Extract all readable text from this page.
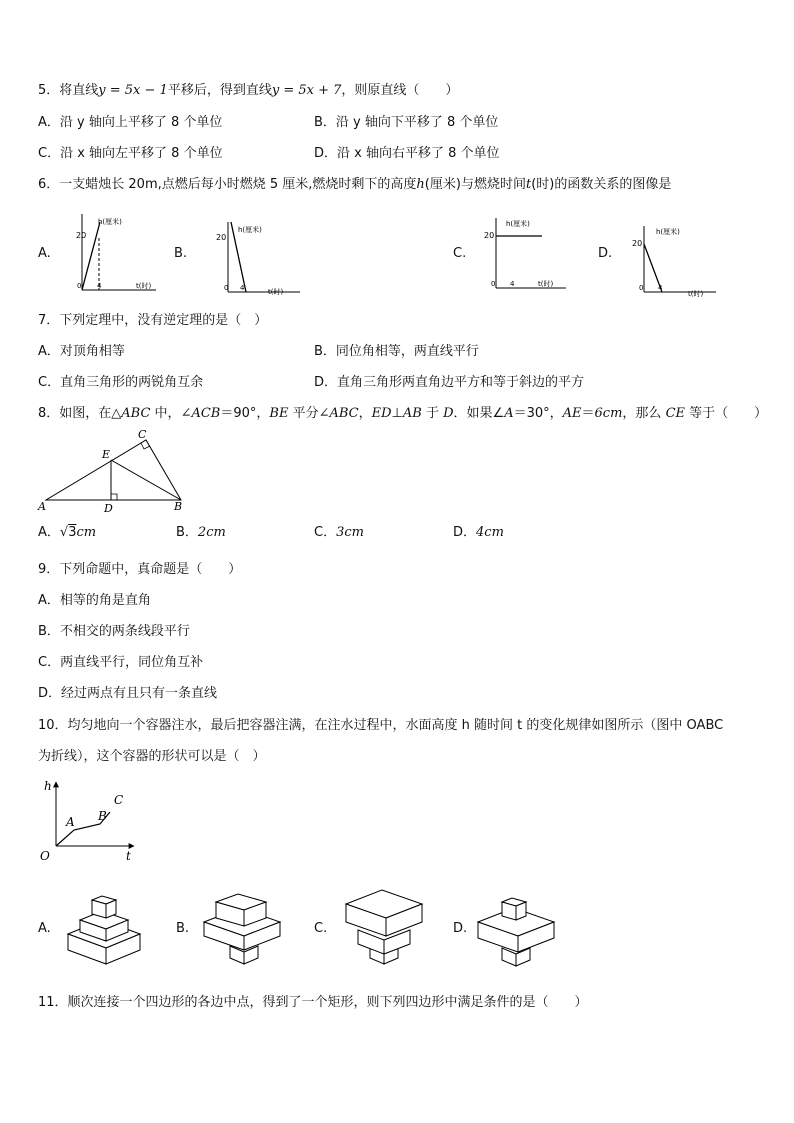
5．将直线y = 5x − 1平移后，得到直线y = 5x + 7，则原直线（　　）
A．沿 y 轴向上平移了 8 个单位	B．沿 y 轴向下平移了 8 个单位
C．沿 x 轴向左平移了 8 个单位	D．沿 x 轴向右平移了 8 个单位
6．一支蜡烛长 20m,点燃后每小时燃烧 5 厘米,燃烧时剩下的高度h(厘米)与燃烧时间t(时)的函数关系的图像是
A.
20
h(厘米)
0 4	t(时)
B.
20
h(厘米)
0 4	t(时)
C.
20
h(厘米)
0 4	t(时)
D.
20
h(厘米)
0 4
t(时)
7．下列定理中，没有逆定理的是（　）
A．对顶角相等	B．同位角相等，两直线平行
C．直角三角形的两锐角互余	D．直角三角形两直角边平方和等于斜边的平方
8．如图，在△ABC 中，∠ACB＝90°，BE 平分∠ABC，ED⊥AB 于 D．如果∠A＝30°，AE＝6cm，那么 CE 等于（　　）
A	B
C
D
E
A．√3cm	B．2cm	C．3cm	D．4cm
9．下列命题中，真命题是（　　）
A．相等的角是直角
B．不相交的两条线段平行
C．两直线平行，同位角互补
D．经过两点有且只有一条直线
10．均匀地向一个容器注水，最后把容器注满，在注水过程中，水面高度 h 随时间 t 的变化规律如图所示（图中 OABC
为折线），这个容器的形状可以是（　）
h
t
O
A B
C
A.	B.	C.	D.
11．顺次连接一个四边形的各边中点，得到了一个矩形，则下列四边形中满足条件的是（　　）
